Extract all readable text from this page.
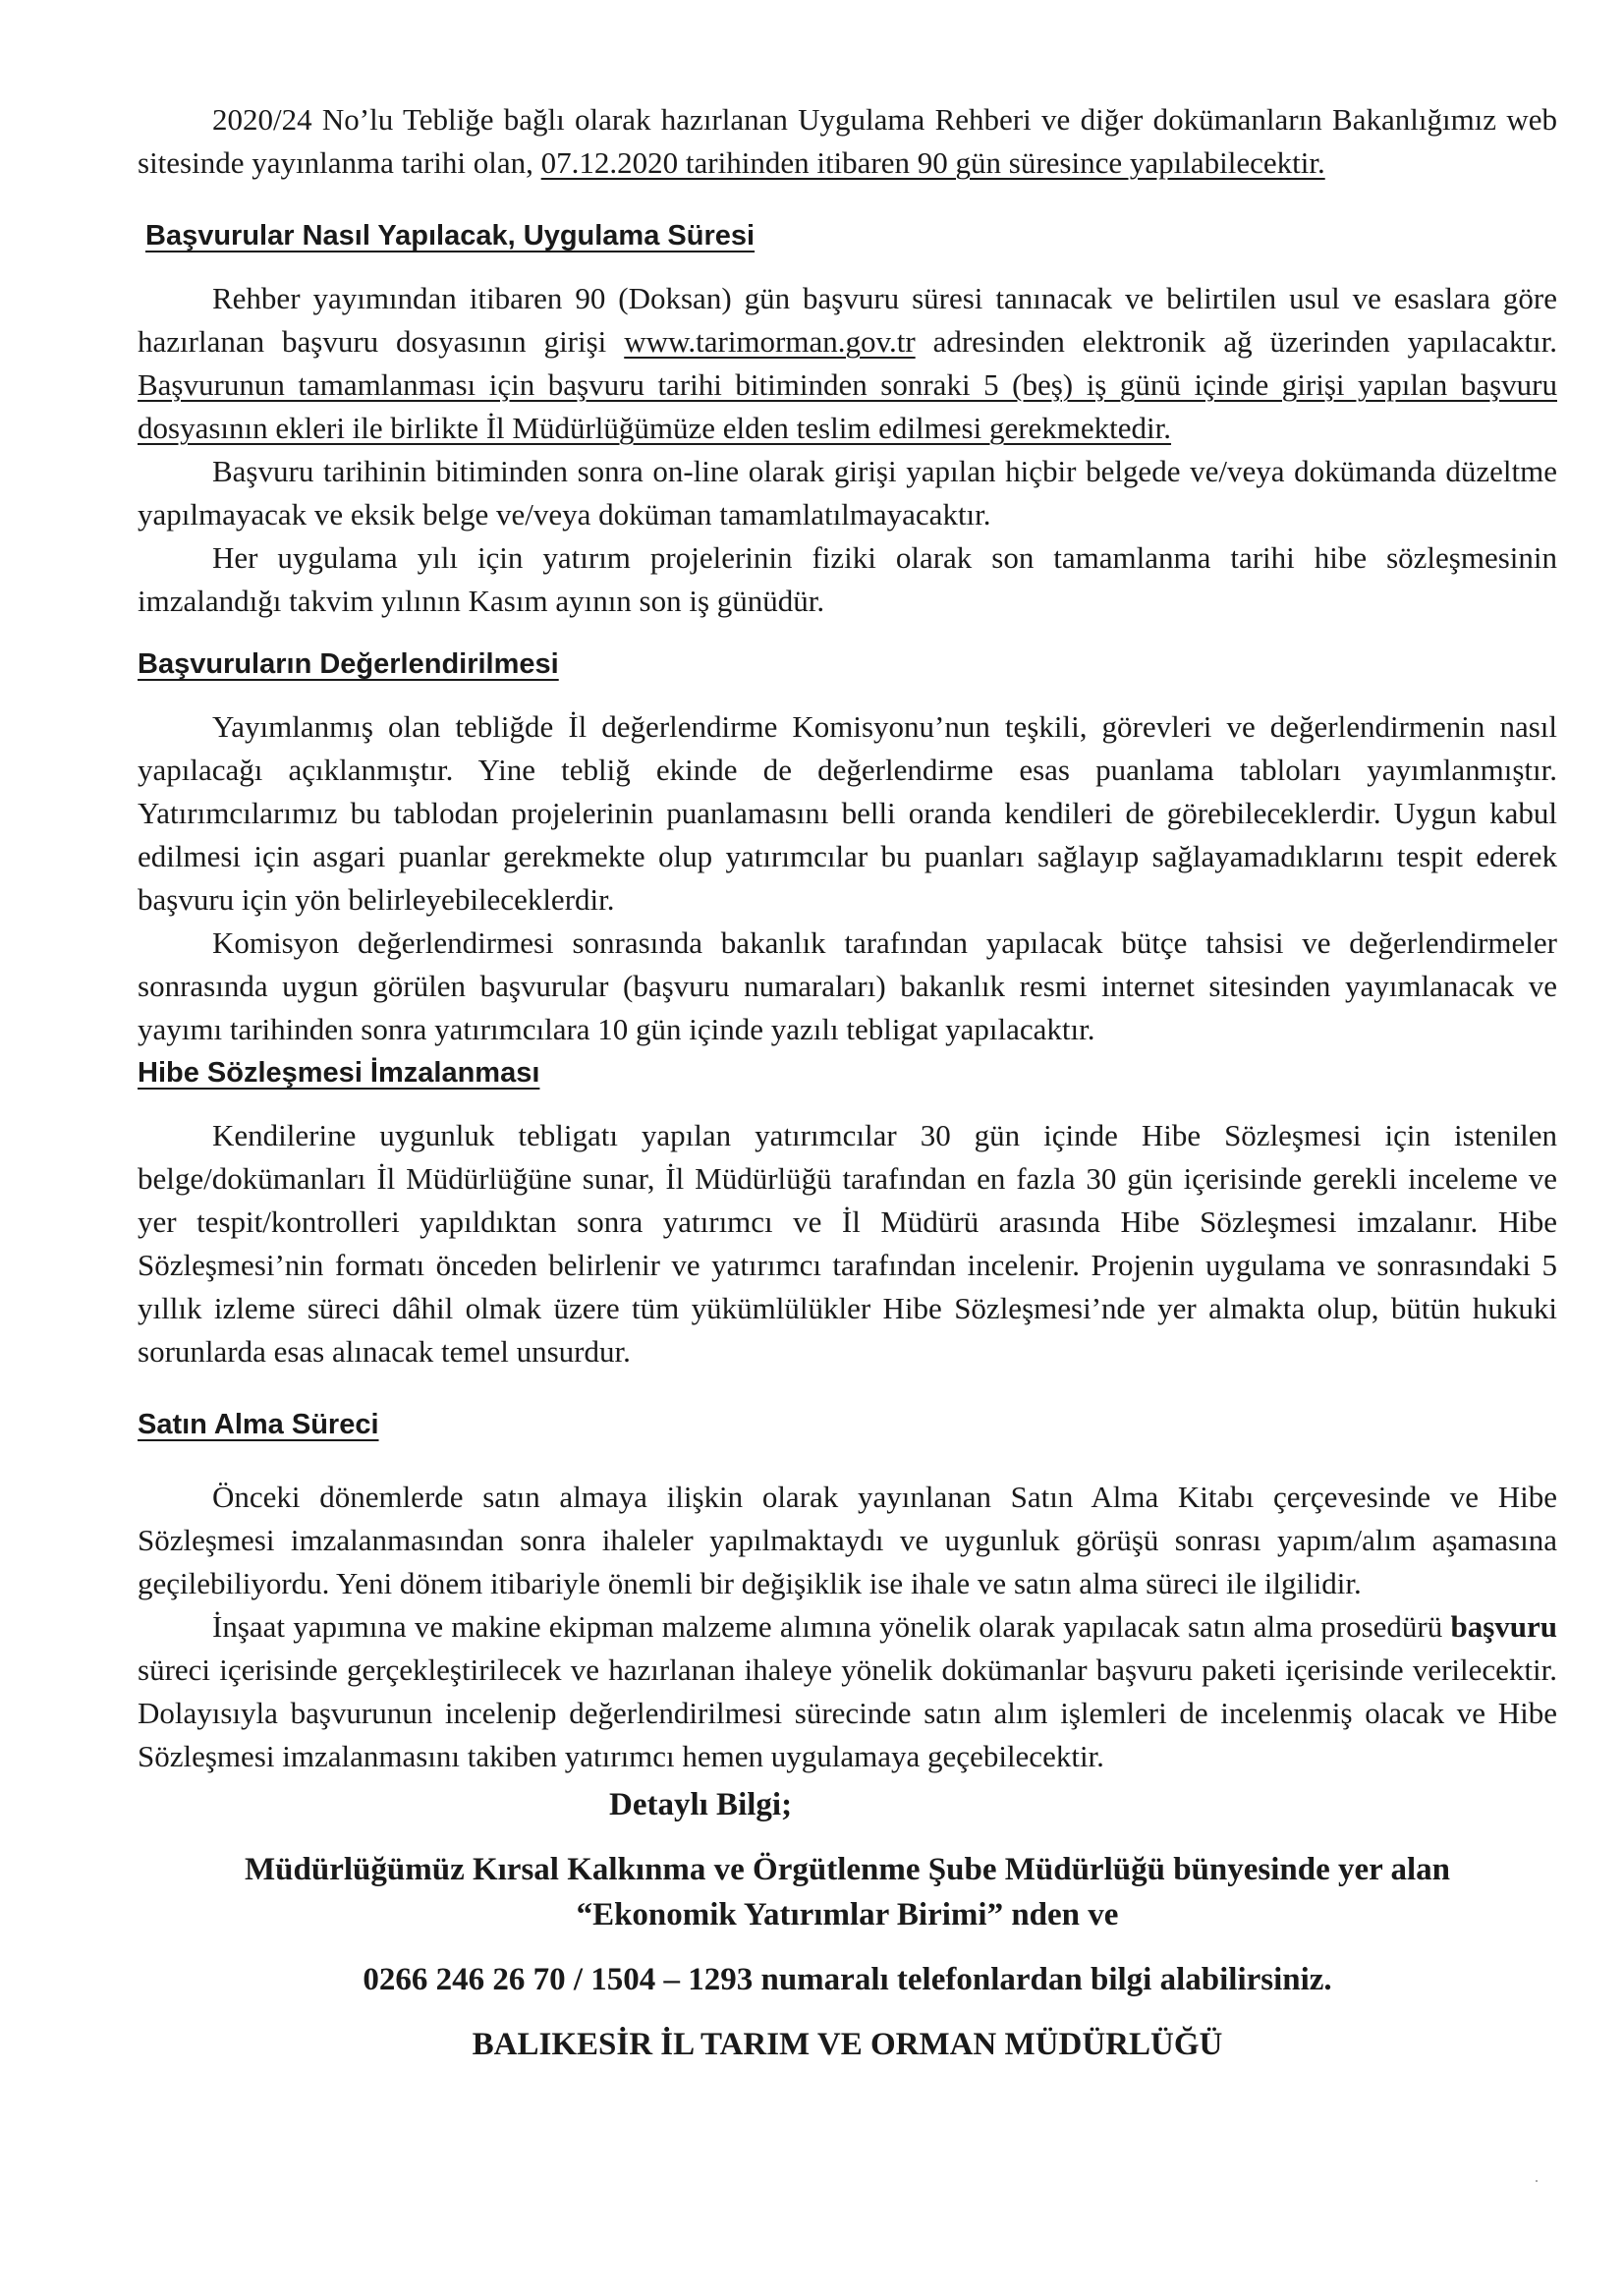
2020/24 No’lu Tebliğe bağlı olarak hazırlanan Uygulama Rehberi ve diğer dokümanların Bakanlığımız web sitesinde yayınlanma tarihi olan, 07.12.2020 tarihinden itibaren 90 gün süresince yapılabilecektir.

Başvurular Nasıl Yapılacak, Uygulama Süresi

Rehber yayımından itibaren 90 (Doksan) gün başvuru süresi tanınacak ve belirtilen usul ve esaslara göre hazırlanan başvuru dosyasının girişi www.tarimorman.gov.tr adresinden elektronik ağ üzerinden yapılacaktır. Başvurunun tamamlanması için başvuru tarihi bitiminden sonraki 5 (beş) iş günü içinde girişi yapılan başvuru dosyasının ekleri ile birlikte İl Müdürlüğümüze elden teslim edilmesi gerekmektedir.

Başvuru tarihinin bitiminden sonra on-line olarak girişi yapılan hiçbir belgede ve/veya dokümanda düzeltme yapılmayacak ve eksik belge ve/veya doküman tamamlatılmayacaktır.

Her uygulama yılı için yatırım projelerinin fiziki olarak son tamamlanma tarihi hibe sözleşmesinin imzalandığı takvim yılının Kasım ayının son iş günüdür.

Başvuruların Değerlendirilmesi

Yayımlanmış olan tebliğde İl değerlendirme Komisyonu’nun teşkili, görevleri ve değerlendirmenin nasıl yapılacağı açıklanmıştır. Yine tebliğ ekinde de değerlendirme esas puanlama tabloları yayımlanmıştır. Yatırımcılarımız bu tablodan projelerinin puanlamasını belli oranda kendileri de görebileceklerdir. Uygun kabul edilmesi için asgari puanlar gerekmekte olup yatırımcılar bu puanları sağlayıp sağlayamadıklarını tespit ederek başvuru için yön belirleyebileceklerdir.

Komisyon değerlendirmesi sonrasında bakanlık tarafından yapılacak bütçe tahsisi ve değerlendirmeler sonrasında uygun görülen başvurular (başvuru numaraları) bakanlık resmi internet sitesinden yayımlanacak ve yayımı tarihinden sonra yatırımcılara 10 gün içinde yazılı tebligat yapılacaktır.

Hibe Sözleşmesi İmzalanması

Kendilerine uygunluk tebligatı yapılan yatırımcılar 30 gün içinde Hibe Sözleşmesi için istenilen belge/dokümanları İl Müdürlüğüne sunar, İl Müdürlüğü tarafından en fazla 30 gün içerisinde gerekli inceleme ve yer tespit/kontrolleri yapıldıktan sonra yatırımcı ve İl Müdürü arasında Hibe Sözleşmesi imzalanır. Hibe Sözleşmesi’nin formatı önceden belirlenir ve yatırımcı tarafından incelenir. Projenin uygulama ve sonrasındaki 5 yıllık izleme süreci dâhil olmak üzere tüm yükümlülükler Hibe Sözleşmesi’nde yer almakta olup, bütün hukuki sorunlarda esas alınacak temel unsurdur.

Satın Alma Süreci

Önceki dönemlerde satın almaya ilişkin olarak yayınlanan Satın Alma Kitabı çerçevesinde ve Hibe Sözleşmesi imzalanmasından sonra ihaleler yapılmaktaydı ve uygunluk görüşü sonrası yapım/alım aşamasına geçilebiliyordu. Yeni dönem itibariyle önemli bir değişiklik ise ihale ve satın alma süreci ile ilgilidir.

İnşaat yapımına ve makine ekipman malzeme alımına yönelik olarak yapılacak satın alma prosedürü başvuru süreci içerisinde gerçekleştirilecek ve hazırlanan ihaleye yönelik dokümanlar başvuru paketi içerisinde verilecektir. Dolayısıyla başvurunun incelenip değerlendirilmesi sürecinde satın alım işlemleri de incelenmiş olacak ve Hibe Sözleşmesi imzalanmasını takiben yatırımcı hemen uygulamaya geçebilecektir.

Detaylı Bilgi;

Müdürlüğümüz Kırsal Kalkınma ve Örgütlenme Şube Müdürlüğü bünyesinde yer alan

“Ekonomik Yatırımlar Birimi” nden ve

0266 246 26 70 / 1504 – 1293 numaralı telefonlardan bilgi alabilirsiniz.

BALIKESİR İL TARIM VE ORMAN MÜDÜRLÜĞÜ

·
